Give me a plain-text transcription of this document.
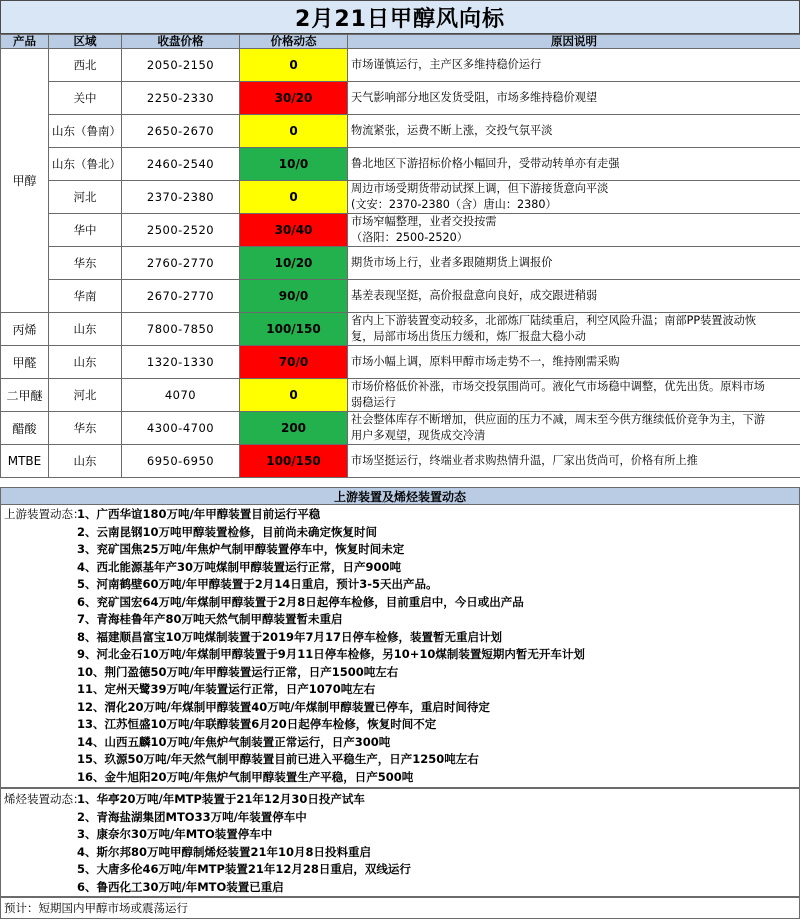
2月21日甲醇风向标
产品	区域	收盘价格	价格动态	原因说明
甲醇	西北	2050-2150	0	市场谨慎运行，主产区多维持稳价运行

	关中	2250-2330	30/20	天气影响部分地区发货受阻，市场多维持稳价观望

	山东（鲁南）	2650-2670	0	物流紧张，运费不断上涨，交投气氛平淡

	山东（鲁北）	2460-2540	10/0	鲁北地区下游招标价格小幅回升，受带动转单亦有走强

	河北	2370-2380	0	周边市场受期货带动试探上调，但下游接货意向平淡
(文安：2370-2380（含）唐山：2380）

	华中	2500-2520	30/40	市场窄幅整理，业者交投按需
（洛阳：2500-2520）

	华东	2760-2770	10/20	期货市场上行，业者多跟随期货上调报价

	华南	2670-2770	90/0	基差表现坚挺，高价报盘意向良好，成交跟进稍弱

丙烯	山东	7800-7850	100/150	省内上下游装置变动较多，北部炼厂陆续重启，利空风险升温；南部PP装置波动恢
复，局部市场出货压力缓和，炼厂报盘大稳小动

甲醛	山东	1320-1330	70/0	市场小幅上调，原料甲醇市场走势不一，维持刚需采购

二甲醚	河北	4070	0	市场价格低价补涨，市场交投氛围尚可。液化气市场稳中调整，优先出货。原料市场
弱稳运行

醋酸	华东	4300-4700	200	社会整体库存不断增加，供应面的压力不减，周末至今供方继续低价竞争为主，下游
用户多观望，现货成交冷清

MTBE	山东	6950-6950	100/150	市场坚挺运行，终端业者求购热情升温，厂家出货尚可，价格有所上推
上游装置及烯烃装置动态
上游装置动态：1、广西华谊180万吨/年甲醇装置目前运行平稳
2、云南昆钢10万吨甲醇装置检修，目前尚未确定恢复时间
3、兖矿国焦25万吨/年焦炉气制甲醇装置停车中，恢复时间未定
4、西北能源基年产30万吨煤制甲醇装置运行正常，日产900吨
5、河南鹤壁60万吨/年甲醇装置于2月14日重启，预计3-5天出产品。
6、兖矿国宏64万吨/年煤制甲醇装置于2月8日起停车检修，目前重启中，今日或出产品
7、青海桂鲁年产80万吨天然气制甲醇装置暂未重启
8、福建顺昌富宝10万吨煤制装置于2019年7月17日停车检修，装置暂无重启计划
9、河北金石10万吨/年煤制甲醇装置于9月11日停车检修，另10+10煤制装置短期内暂无开车计划
10、荆门盈德50万吨/年甲醇装置运行正常，日产1500吨左右
11、定州天鹭39万吨/年装置运行正常，日产1070吨左右
12、渭化20万吨/年煤制甲醇装置40万吨/年煤制甲醇装置已停车，重启时间待定
13、江苏恒盛10万吨/年联醇装置6月20日起停车检修，恢复时间不定
14、山西五麟10万吨/年焦炉气制装置正常运行，日产300吨
15、玖源50万吨/年天然气制甲醇装置目前已进入平稳生产，日产1250吨左右
16、金牛旭阳20万吨/年焦炉气制甲醇装置生产平稳，日产500吨
烯烃装置动态：1、华亭20万吨/年MTP装置于21年12月30日投产试车
2、青海盐湖集团MTO33万吨/年装置停车中
3、康奈尔30万吨/年MTO装置停车中
4、斯尔邦80万吨甲醇制烯烃装置21年10月8日投料重启
5、大唐多伦46万吨/年MTP装置21年12月28日重启，双线运行
6、鲁西化工30万吨/年MTO装置已重启
预计：短期国内甲醇市场或震荡运行
